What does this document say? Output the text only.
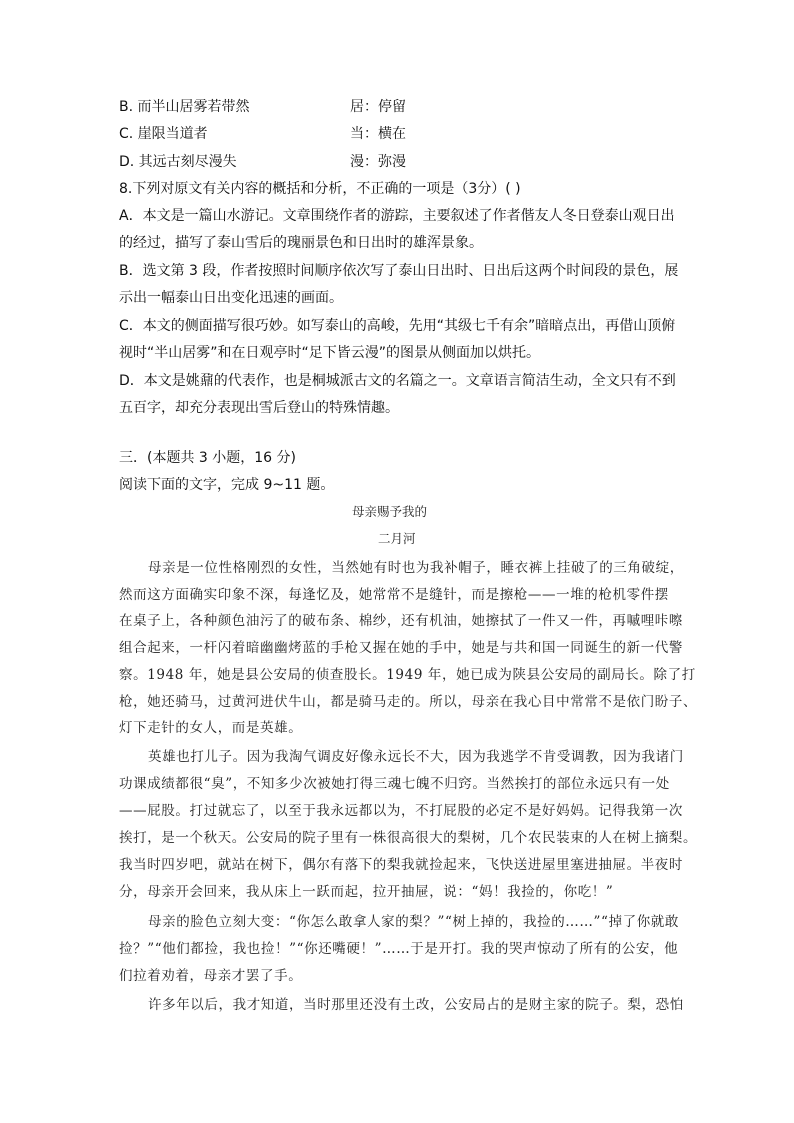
B. 而半山居雾若带然	居：停留
C. 崖限当道者	当：横在
D. 其远古刻尽漫失	漫：弥漫
8.下列对原文有关内容的概括和分析，不正确的一项是（3分）( )
A．本文是一篇山水游记。文章围绕作者的游踪，主要叙述了作者偕友人冬日登泰山观日出
的经过，描写了泰山雪后的瑰丽景色和日出时的雄浑景象。
B．选文第 3 段，作者按照时间顺序依次写了泰山日出时、日出后这两个时间段的景色，展
示出一幅泰山日出变化迅速的画面。
C．本文的侧面描写很巧妙。如写泰山的高峻，先用“其级七千有余”暗暗点出，再借山顶俯
视时“半山居雾”和在日观亭时“足下皆云漫”的图景从侧面加以烘托。
D．本文是姚鼐的代表作，也是桐城派古文的名篇之一。文章语言简洁生动，全文只有不到
五百字，却充分表现出雪后登山的特殊情趣。
三．(本题共 3 小题，16 分)
阅读下面的文字，完成 9~11 题。
母亲赐予我的
二月河
母亲是一位性格刚烈的女性，当然她有时也为我补帽子，睡衣裤上挂破了的三角破绽，
然而这方面确实印象不深，每逢忆及，她常常不是缝针，而是擦枪——一堆的枪机零件摆
在桌子上，各种颜色油污了的破布条、棉纱，还有机油，她擦拭了一件又一件，再嘁哩咔嚓
组合起来，一杆闪着暗幽幽烤蓝的手枪又握在她的手中，她是与共和国一同诞生的新一代警
察。1948 年，她是县公安局的侦查股长。1949 年，她已成为陕县公安局的副局长。除了打
枪，她还骑马，过黄河进伏牛山，都是骑马走的。所以，母亲在我心目中常常不是依门盼子、
灯下走针的女人，而是英雄。
英雄也打儿子。因为我淘气调皮好像永远长不大，因为我逃学不肯受调教，因为我诸门
功课成绩都很“臭”，不知多少次被她打得三魂七魄不归窍。当然挨打的部位永远只有一处
——屁股。打过就忘了，以至于我永远都以为，不打屁股的必定不是好妈妈。记得我第一次
挨打，是一个秋天。公安局的院子里有一株很高很大的梨树，几个农民装束的人在树上摘梨。
我当时四岁吧，就站在树下，偶尔有落下的梨我就捡起来，飞快送进屋里塞进抽屉。半夜时
分，母亲开会回来，我从床上一跃而起，拉开抽屉，说：“妈！我捡的，你吃！”
母亲的脸色立刻大变：“你怎么敢拿人家的梨？”“树上掉的，我捡的……”“掉了你就敢
捡？”“他们都捡，我也捡！”“你还嘴硬！”……于是开打。我的哭声惊动了所有的公安，他
们拉着劝着，母亲才罢了手。
许多年以后，我才知道，当时那里还没有土改，公安局占的是财主家的院子。梨，恐怕
